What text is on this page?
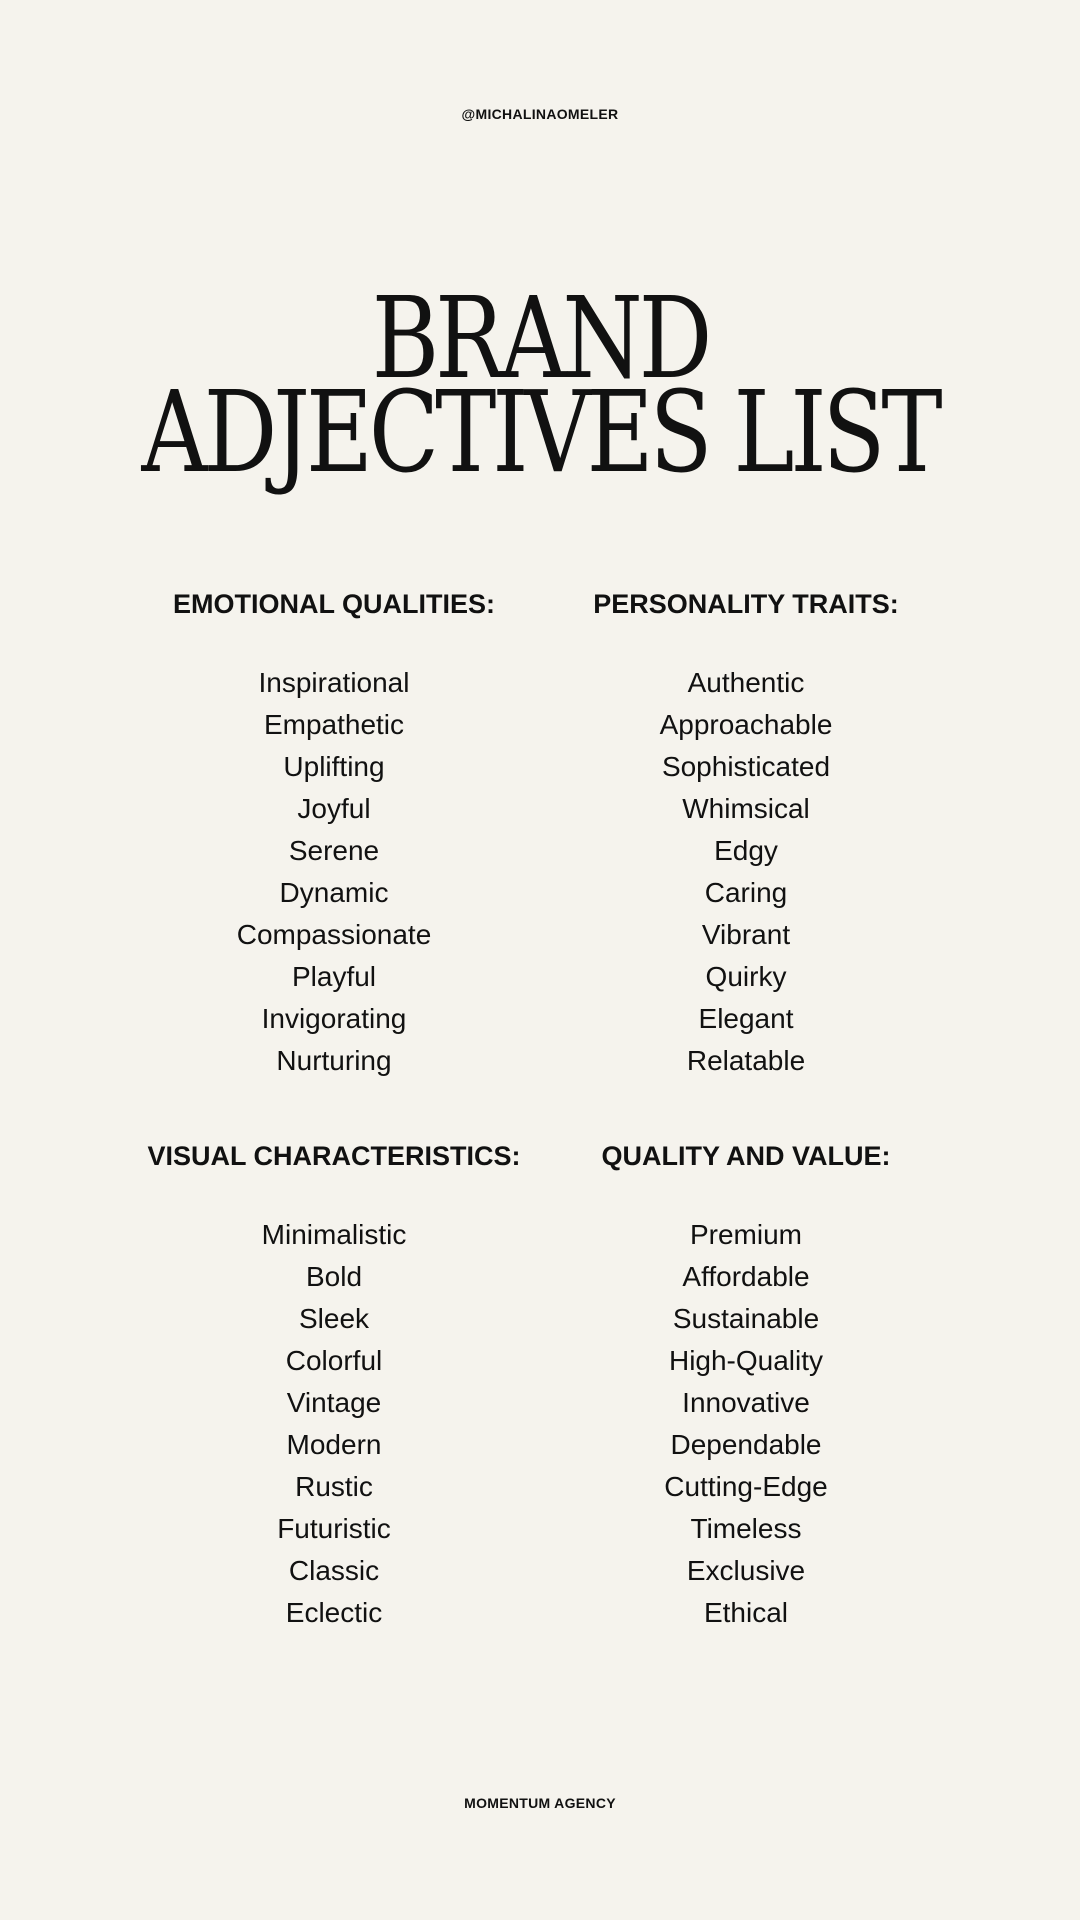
@MICHALINAOMELER
BRAND
ADJECTIVES LIST
EMOTIONAL QUALITIES:
Inspirational
Empathetic
Uplifting
Joyful
Serene
Dynamic
Compassionate
Playful
Invigorating
Nurturing
PERSONALITY TRAITS:
Authentic
Approachable
Sophisticated
Whimsical
Edgy
Caring
Vibrant
Quirky
Elegant
Relatable
VISUAL CHARACTERISTICS:
Minimalistic
Bold
Sleek
Colorful
Vintage
Modern
Rustic
Futuristic
Classic
Eclectic
QUALITY AND VALUE:
Premium
Affordable
Sustainable
High-Quality
Innovative
Dependable
Cutting-Edge
Timeless
Exclusive
Ethical
MOMENTUM AGENCY
